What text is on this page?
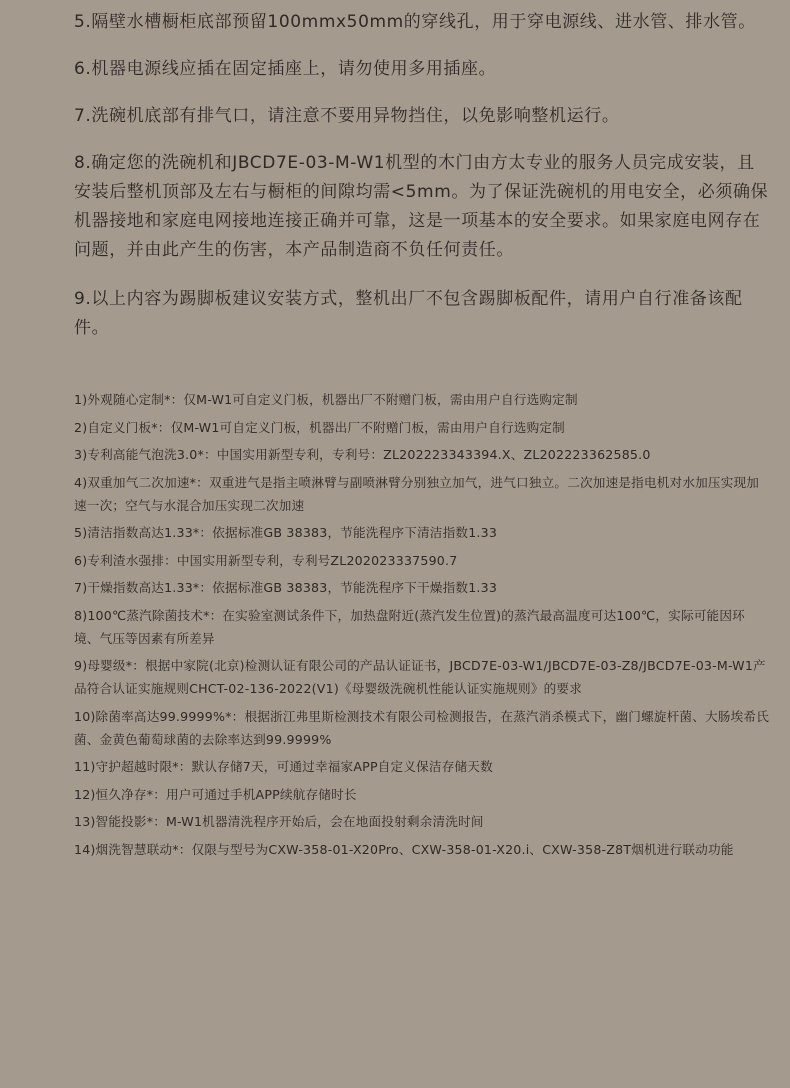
5.隔壁水槽橱柜底部预留100mmx50mm的穿线孔，用于穿电源线、进水管、排水管。
6.机器电源线应插在固定插座上，请勿使用多用插座。
7.洗碗机底部有排气口，请注意不要用异物挡住，以免影响整机运行。
8.确定您的洗碗机和JBCD7E-03-M-W1机型的木门由方太专业的服务人员完成安装，且安装后整机顶部及左右与橱柜的间隙均需<5mm。为了保证洗碗机的用电安全，必须确保机器接地和家庭电网接地连接正确并可靠，这是一项基本的安全要求。如果家庭电网存在问题，并由此产生的伤害，本产品制造商不负任何责任。
9.以上内容为踢脚板建议安装方式，整机出厂不包含踢脚板配件，请用户自行准备该配件。
1)外观随心定制*：仅M-W1可自定义门板，机器出厂不附赠门板，需由用户自行选购定制
2)自定义门板*：仅M-W1可自定义门板，机器出厂不附赠门板，需由用户自行选购定制
3)专利高能气泡洗3.0*：中国实用新型专利，专利号：ZL202223343394.X、ZL202223362585.0
4)双重加气二次加速*：双重进气是指主喷淋臂与副喷淋臂分别独立加气，进气口独立。二次加速是指电机对水加压实现加速一次；空气与水混合加压实现二次加速
5)清洁指数高达1.33*：依据标准GB 38383，节能洗程序下清洁指数1.33
6)专利渣水强排：中国实用新型专利，专利号ZL202023337590.7
7)干燥指数高达1.33*：依据标准GB 38383，节能洗程序下干燥指数1.33
8)100℃蒸汽除菌技术*：在实验室测试条件下，加热盘附近(蒸汽发生位置)的蒸汽最高温度可达100℃，实际可能因环境、气压等因素有所差异
9)母婴级*：根据中家院(北京)检测认证有限公司的产品认证证书，JBCD7E-03-W1/JBCD7E-03-Z8/JBCD7E-03-M-W1产品符合认证实施规则CHCT-02-136-2022(V1)《母婴级洗碗机性能认证实施规则》的要求
10)除菌率高达99.9999%*：根据浙江弗里斯检测技术有限公司检测报告，在蒸汽消杀模式下，幽门螺旋杆菌、大肠埃希氏菌、金黄色葡萄球菌的去除率达到99.9999%
11)守护超越时限*：默认存储7天，可通过幸福家APP自定义保洁存储天数
12)恒久净存*：用户可通过手机APP续航存储时长
13)智能投影*：M-W1机器清洗程序开始后，会在地面投射剩余清洗时间
14)烟洗智慧联动*：仅限与型号为CXW-358-01-X20Pro、CXW-358-01-X20.i、CXW-358-Z8T烟机进行联动功能
